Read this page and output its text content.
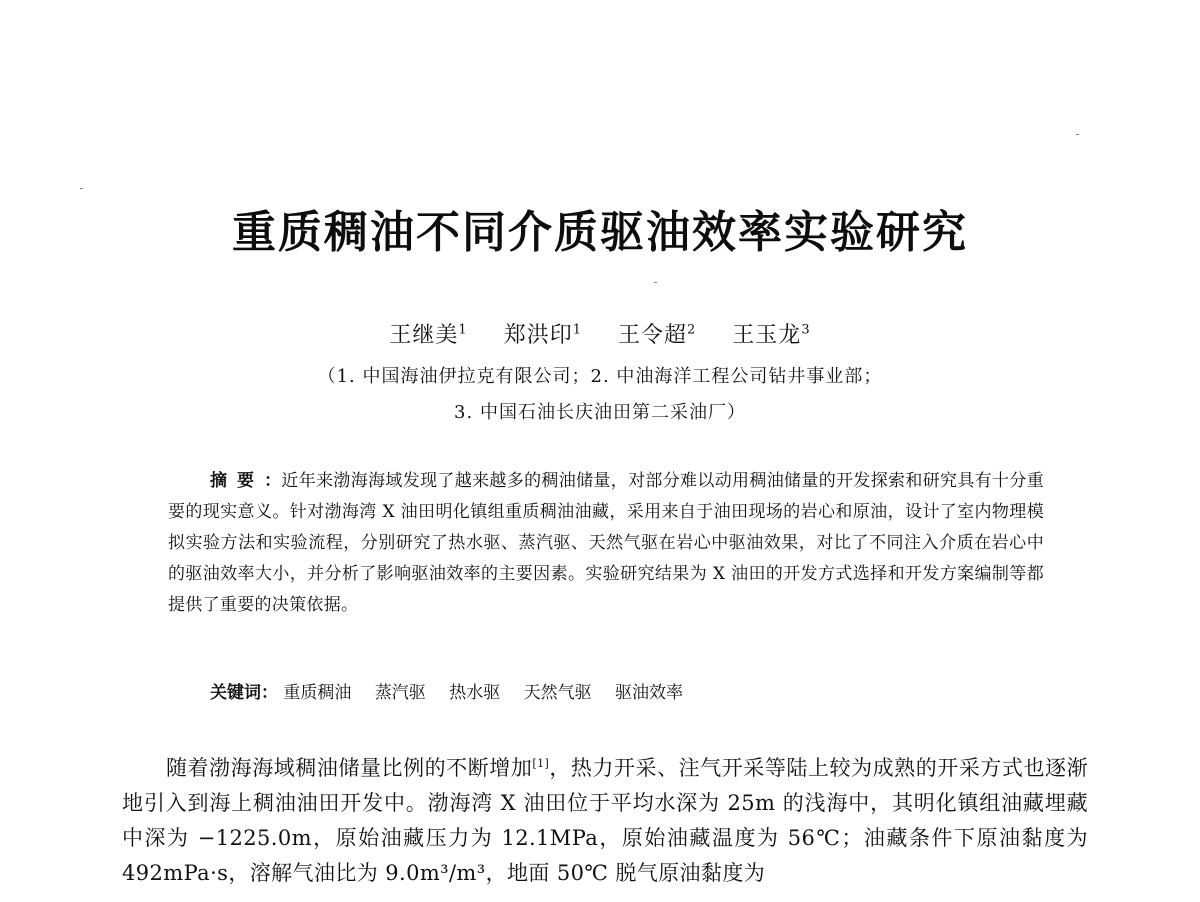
重质稠油不同介质驱油效率实验研究
王继美$^1$ 郑洪印$^1$ 王令超$^2$ 王玉龙$^3$
（1. 中国海油伊拉克有限公司；2. 中油海洋工程公司钻井事业部；
3. 中国石油长庆油田第二采油厂）
摘要：近年来渤海海域发现了越来越多的稠油储量，对部分难以动用稠油储量的开发探索和研究具有十分重要的现实意义。针对渤海湾 X 油田明化镇组重质稠油油藏，采用来自于油田现场的岩心和原油，设计了室内物理模拟实验方法和实验流程，分别研究了热水驱、蒸汽驱、天然气驱在岩心中驱油效果，对比了不同注入介质在岩心中的驱油效率大小，并分析了影响驱油效率的主要因素。实验研究结果为 X 油田的开发方式选择和开发方案编制等都提供了重要的决策依据。
关键词： 重质稠油 蒸汽驱 热水驱 天然气驱 驱油效率
随着渤海海域稠油储量比例的不断增加[1]，热力开采、注气开采等陆上较为成熟的开采方式也逐渐地引入到海上稠油油田开发中。渤海湾 X 油田位于平均水深为 25m 的浅海中，其明化镇组油藏埋藏中深为 −1225.0m，原始油藏压力为 12.1MPa，原始油藏温度为 56℃；油藏条件下原油黏度为 492mPa·s，溶解气油比为 9.0m³/m³，地面 50℃ 脱气原油黏度为
